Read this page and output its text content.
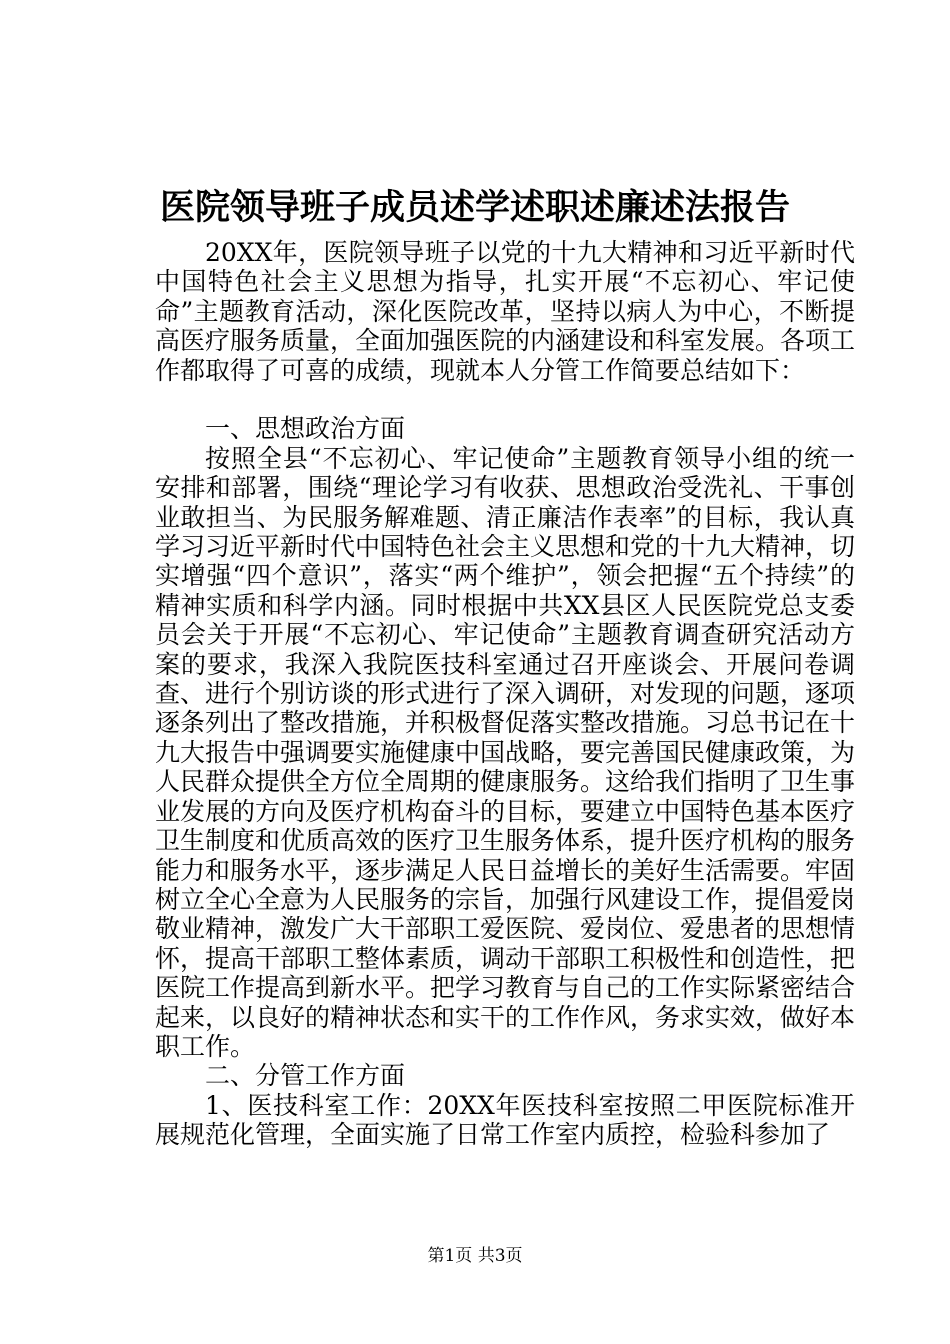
医院领导班子成员述学述职述廉述法报告

20XX年，医院领导班子以党的十九大精神和习近平新时代中国特色社会主义思想为指导，扎实开展“不忘初心、牢记使命”主题教育活动，深化医院改革，坚持以病人为中心，不断提高医疗服务质量，全面加强医院的内涵建设和科室发展。各项工作都取得了可喜的成绩，现就本人分管工作简要总结如下：

一、思想政治方面

按照全县“不忘初心、牢记使命”主题教育领导小组的统一安排和部署，围绕“理论学习有收获、思想政治受洗礼、干事创业敢担当、为民服务解难题、清正廉洁作表率”的目标，我认真学习习近平新时代中国特色社会主义思想和党的十九大精神，切实增强“四个意识”，落实“两个维护”，领会把握“五个持续”的精神实质和科学内涵。同时根据中共XX县区人民医院党总支委员会关于开展“不忘初心、牢记使命”主题教育调查研究活动方案的要求，我深入我院医技科室通过召开座谈会、开展问卷调查、进行个别访谈的形式进行了深入调研，对发现的问题，逐项逐条列出了整改措施，并积极督促落实整改措施。习总书记在十九大报告中强调要实施健康中国战略，要完善国民健康政策，为人民群众提供全方位全周期的健康服务。这给我们指明了卫生事业发展的方向及医疗机构奋斗的目标，要建立中国特色基本医疗卫生制度和优质高效的医疗卫生服务体系，提升医疗机构的服务能力和服务水平，逐步满足人民日益增长的美好生活需要。牢固树立全心全意为人民服务的宗旨，加强行风建设工作，提倡爱岗敬业精神，激发广大干部职工爱医院、爱岗位、爱患者的思想情怀，提高干部职工整体素质，调动干部职工积极性和创造性，把医院工作提高到新水平。把学习教育与自己的工作实际紧密结合起来，以良好的精神状态和实干的工作作风，务求实效，做好本职工作。

二、分管工作方面

1、医技科室工作：20XX年医技科室按照二甲医院标准开展规范化管理，全面实施了日常工作室内质控，检验科参加了

第1页 共3页
